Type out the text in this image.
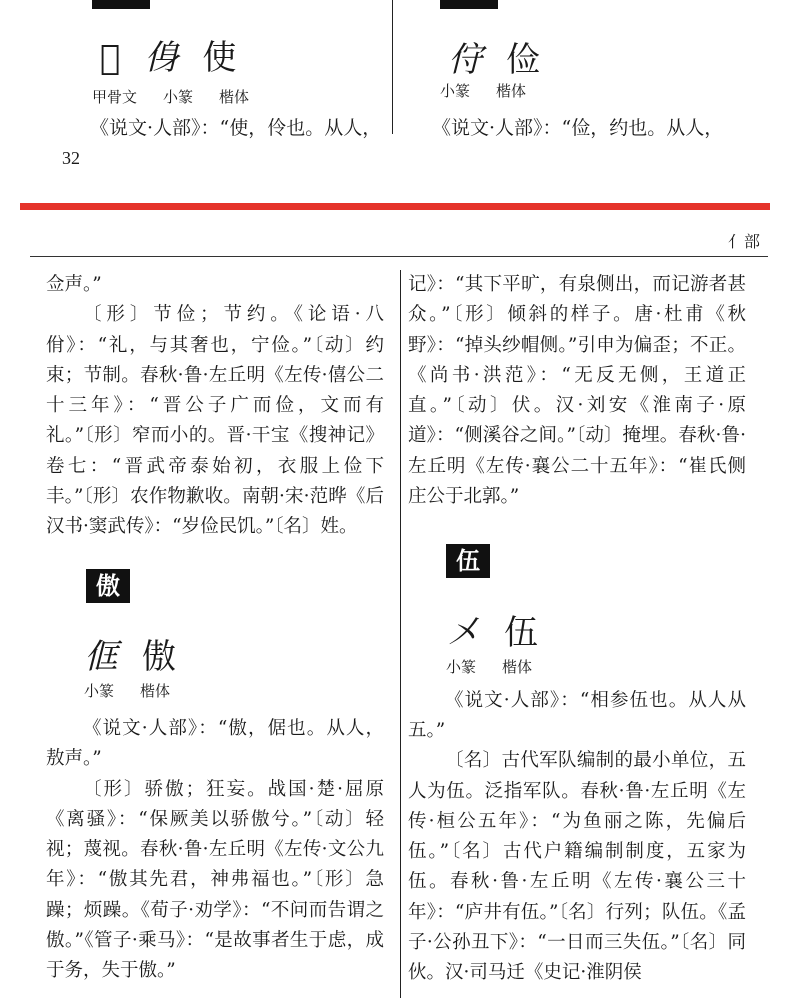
𢼸 㑗 使
甲骨文 小篆 楷体
《说文·人部》：“使，伶也。从人，
㑏 俭
小篆 楷体
《说文·人部》：“俭，约也。从人，
32
亻部

佥声。”

〔形〕节俭；节约。《论语·八佾》：“礼，与其奢也，宁俭。”〔动〕约束；节制。春秋·鲁·左丘明《左传·僖公二十三年》：“晋公子广而俭，文而有礼。”〔形〕窄而小的。晋·干宝《搜神记》卷七：“晋武帝泰始初，衣服上俭下丰。”〔形〕农作物歉收。南朝·宋·范晔《后汉书·窦武传》：“岁俭民饥。”〔名〕姓。

傲
㑌 傲
小篆 楷体

《说文·人部》：“傲，倨也。从人，敖声。”

〔形〕骄傲；狂妄。战国·楚·屈原《离骚》：“保厥美以骄傲兮。”〔动〕轻视；蔑视。春秋·鲁·左丘明《左传·文公九年》：“傲其先君，神弗福也。”〔形〕急躁；烦躁。《荀子·劝学》：“不问而告谓之傲。”《管子·乘马》：“是故事者生于虑，成于务，失于傲。”

记》：“其下平旷，有泉侧出，而记游者甚众。”〔形〕倾斜的样子。唐·杜甫《秋野》：“掉头纱帽侧。”引申为偏歪；不正。《尚书·洪范》：“无反无侧，王道正直。”〔动〕伏。汉·刘安《淮南子·原道》：“侧溪谷之间。”〔动〕掩埋。春秋·鲁·左丘明《左传·襄公二十五年》：“崔氏侧庄公于北郭。”

伍
㐅 伍
小篆 楷体

《说文·人部》：“相参伍也。从人从五。”

〔名〕古代军队编制的最小单位，五人为伍。泛指军队。春秋·鲁·左丘明《左传·桓公五年》：“为鱼丽之陈，先偏后伍。”〔名〕古代户籍编制制度，五家为伍。春秋·鲁·左丘明《左传·襄公三十年》：“庐井有伍。”〔名〕行列；队伍。《孟子·公孙丑下》：“一日而三失伍。”〔名〕同伙。汉·司马迁《史记·淮阴侯
